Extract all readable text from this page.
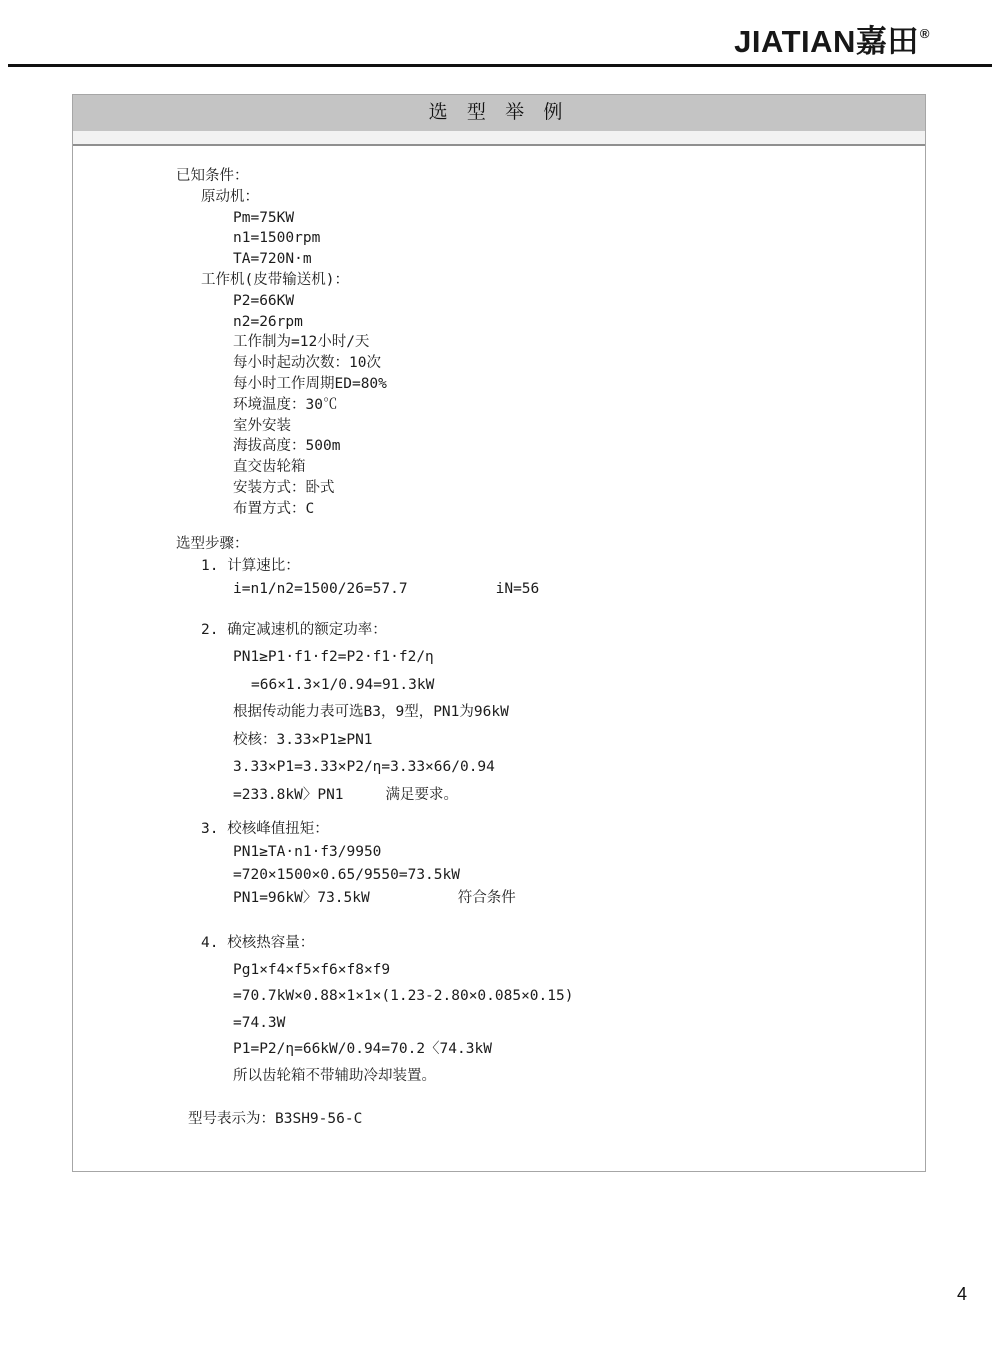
JIATIAN嘉田®
选 型 举 例
已知条件：
原动机：
Pm=75KW
n1=1500rpm
TA=720N·m
工作机(皮带输送机)：
P2=66KW
n2=26rpm
工作制为=12小时/天
每小时起动次数：10次
每小时工作周期ED=80%
环境温度：30℃
室外安装
海拔高度：500m
直交齿轮箱
安装方式：卧式
布置方式：C
选型步骤：
1. 计算速比：
i=n1/n2=1500/26=57.7	iN=56
2. 确定减速机的额定功率：
PN1≥P1·f1·f2=P2·f1·f2/η
=66×1.3×1/0.94=91.3kW
根据传动能力表可选B3，9型，PN1为96kW
校核：3.33×P1≥PN1
3.33×P1=3.33×P2/η=3.33×66/0.94
=233.8kW〉PN1	满足要求。
3. 校核峰值扭矩：
PN1≥TA·n1·f3/9950
=720×1500×0.65/9550=73.5kW
PN1=96kW〉73.5kW	符合条件
4. 校核热容量：
Pg1×f4×f5×f6×f8×f9
=70.7kW×0.88×1×1×(1.23-2.80×0.085×0.15)
=74.3W
P1=P2/η=66kW/0.94=70.2〈74.3kW
所以齿轮箱不带辅助冷却装置。
型号表示为：B3SH9-56-C
4
